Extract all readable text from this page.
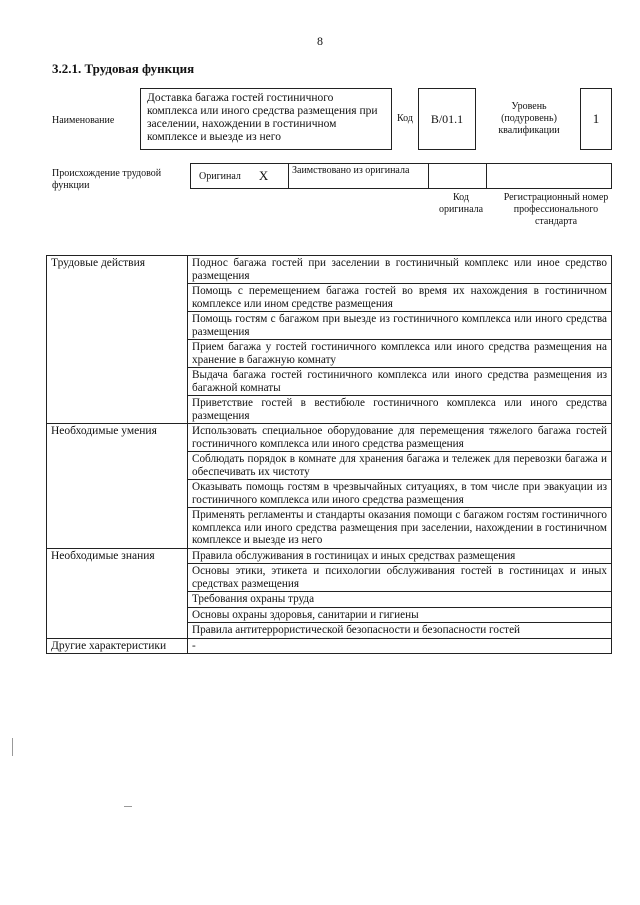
8
3.2.1. Трудовая функция
Наименование
Доставка багажа гостей гостиничного комплекса или иного средства размещения при заселении, нахождении в гостиничном комплексе и выезде из него
Код В/01.1
Уровень (подуровень) квалификации
1
Происхождение трудовой функции
Оригинал X	Заимствовано из оригинала
Код оригинала
Регистрационный номер профессионального стандарта
Трудовые действия	Поднос багажа гостей при заселении в гостиничный комплекс или иное средство размещения
	Помощь с перемещением багажа гостей во время их нахождения в гостиничном комплексе или ином средстве размещения
	Помощь гостям с багажом при выезде из гостиничного комплекса или иного средства размещения
	Прием багажа у гостей гостиничного комплекса или иного средства размещения на хранение в багажную комнату
	Выдача багажа гостей гостиничного комплекса или иного средства размещения из багажной комнаты
	Приветствие гостей в вестибюле гостиничного комплекса или иного средства размещения
Необходимые умения	Использовать специальное оборудование для перемещения тяжелого багажа гостей гостиничного комплекса или иного средства размещения
	Соблюдать порядок в комнате для хранения багажа и тележек для перевозки багажа и обеспечивать их чистоту
	Оказывать помощь гостям в чрезвычайных ситуациях, в том числе при эвакуации из гостиничного комплекса или иного средства размещения
	Применять регламенты и стандарты оказания помощи с багажом гостям гостиничного комплекса или иного средства размещения при заселении, нахождении в гостиничном комплексе и выезде из него
Необходимые знания	Правила обслуживания в гостиницах и иных средствах размещения
	Основы этики, этикета и психологии обслуживания гостей в гостиницах и иных средствах размещения
	Требования охраны труда
	Основы охраны здоровья, санитарии и гигиены
	Правила антитеррористической безопасности и безопасности гостей
Другие характеристики	-
